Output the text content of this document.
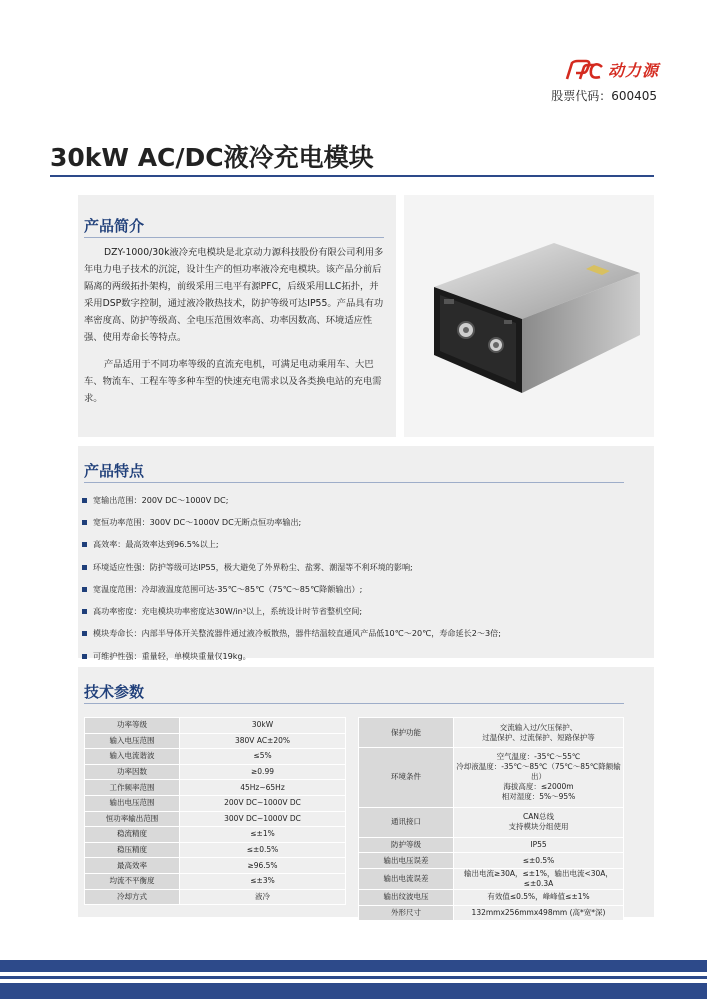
动力源
股票代码：600405
30kW AC/DC液冷充电模块
产品简介

DZY-1000/30k液冷充电模块是北京动力源科技股份有限公司利用多年电力电子技术的沉淀，设计生产的恒功率液冷充电模块。该产品分前后隔离的两级拓扑架构，前级采用三电平有源PFC，后级采用LLC拓扑，并采用DSP数字控制，通过液冷散热技术，防护等级可达IP55。产品具有功率密度高、防护等级高、全电压范围效率高、功率因数高、环境适应性强、使用寿命长等特点。

产品适用于不同功率等级的直流充电机，可满足电动乘用车、大巴车、物流车、工程车等多种车型的快速充电需求以及各类换电站的充电需求。

产品特点
宽输出范围：200V DC～1000V DC;
宽恒功率范围：300V DC～1000V DC无断点恒功率输出;
高效率：最高效率达到96.5%以上;
环境适应性强：防护等级可达IP55，极大避免了外界粉尘、盐雾、潮湿等不利环境的影响;
宽温度范围：冷却液温度范围可达-35℃～85℃（75℃～85℃降额输出）;
高功率密度：充电模块功率密度达30W/in³以上，系统设计时节省整机空间;
模块寿命长：内部半导体开关整流器件通过液冷板散热，器件结温较直通风产品低10℃～20℃，寿命延长2～3倍;
可维护性强：重量轻，单模块重量仅19kg。
技术参数
功率等级	30kW
输入电压范围	380V AC±20%
输入电流谐波	≤5%
功率因数	≥0.99
工作频率范围	45Hz~65Hz
输出电压范围	200V DC~1000V DC
恒功率输出范围	300V DC~1000V DC
稳流精度	≤±1%
稳压精度	≤±0.5%
最高效率	≥96.5%
均流不平衡度	≤±3%
冷却方式	液冷
保护功能	交流输入过/欠压保护、
过温保护、过流保护、短路保护等
环境条件	空气温度：-35℃～55℃
冷却液温度：-35℃～85℃（75℃～85℃降额输出）
海拔高度：≤2000m
相对湿度：5%～95%
通讯接口	CAN总线
支持模块分组使用
防护等级	IP55
输出电压误差	≤±0.5%
输出电流误差	输出电流≥30A，≤±1%，输出电流<30A，≤±0.3A
输出纹波电压	有效值≤0.5%，峰峰值≤±1%
外形尺寸	132mmx256mmx498mm (高*宽*深)
